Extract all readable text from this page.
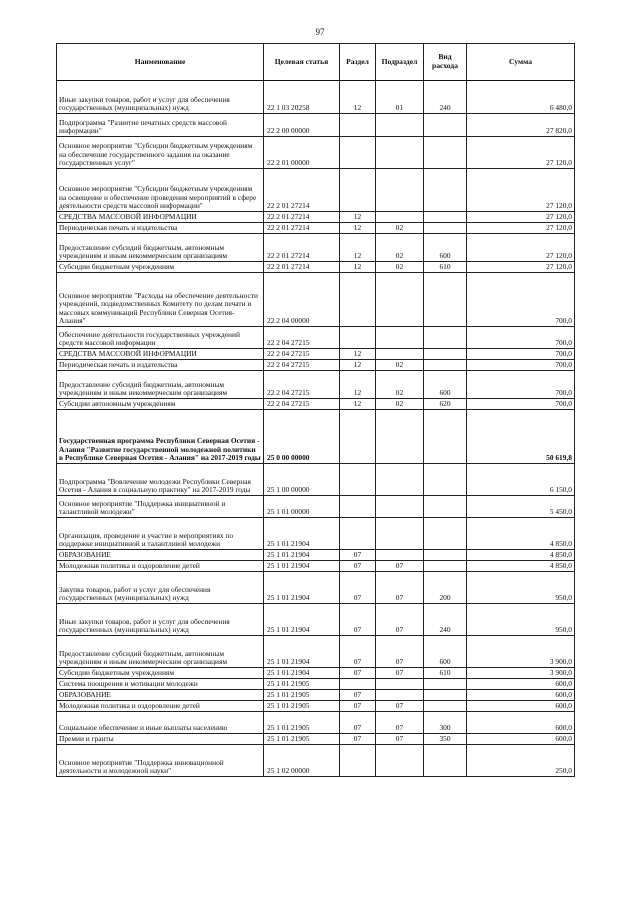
97
Наименование	Целевая статья	Раздел	Подраздел	Вид расхода	Сумма
Иные закупки товаров, работ и услуг для обеспечения государственных (муниципальных) нужд	22 1 03 20258	12	01	240	6 480,0
Подпрограмма "Развитие печатных средств массовой информации"	22 2 00 00000				27 820,0
Основное мероприятие "Субсидии бюджетным учреждениям на обеспечение государственного задания на оказание государственных услуг"	22 2 01 00000				27 120,0
Основное мероприятие "Субсидии бюджетным учреждениям на освещение и обеспечение проведения мероприятий в сфере деятельности средств массовой информации"	22 2 01 27214				27 120,0
СРЕДСТВА МАССОВОЙ ИНФОРМАЦИИ	22 2 01 27214	12			27 120,0
Периодическая печать и издательства	22 2 01 27214	12	02		27 120,0
Предоставление субсидий бюджетным, автономным учреждениям и иным некоммерческим организациям	22 2 01 27214	12	02	600	27 120,0
Субсидии бюджетным учреждениям	22 2 01 27214	12	02	610	27 120,0
Основное мероприятие "Расходы на обеспечение деятельности учреждений, подведомственных Комитету по делам печати и массовых коммуникаций Республики Северная Осетия-Алания"	22 2 04 00000				700,0
Обеспечение деятельности государственных учреждений средств массовой информации	22 2 04 27215				700,0
СРЕДСТВА МАССОВОЙ ИНФОРМАЦИИ	22 2 04 27215	12			700,0
Периодическая печать и издательства	22 2 04 27215	12	02		700,0
Предоставление субсидий бюджетным, автономным учреждениям и иным некоммерческим организациям	22 2 04 27215	12	02	600	700,0
Субсидии автономным учреждениям	22 2 04 27215	12	02	620	700,0
Государственная программа Республики Северная Осетия - Алания "Развитие государственной молодежной политики в Республике Северная Осетия - Алания" на 2017-2019 годы	25 0 00 00000				50 619,8
Подпрограмма "Вовлечение молодежи Республики Северная Осетия - Алания в социальную практику" на 2017-2019 годы	25 1 00 00000				6 150,0
Основное мероприятие "Поддержка инициативной и талантливой молодежи"	25 1 01 00000				5 450,0
Организация, проведение и участие в мероприятиях по поддержке инициативной и талантливой молодежи	25 1 01 21904				4 850,0
ОБРАЗОВАНИЕ	25 1 01 21904	07			4 850,0
Молодежная политика и оздоровление детей	25 1 01 21904	07	07		4 850,0
Закупка товаров, работ и услуг для обеспечения государственных (муниципальных) нужд	25 1 01 21904	07	07	200	950,0
Иные закупки товаров, работ и услуг для обеспечения государственных (муниципальных) нужд	25 1 01 21904	07	07	240	950,0
Предоставление субсидий бюджетным, автономным учреждениям и иным некоммерческим организациям	25 1 01 21904	07	07	600	3 900,0
Субсидии бюджетным учреждениям	25 1 01 21904	07	07	610	3 900,0
Система поощрения и мотивации молодежи	25 1 01 21905				600,0
ОБРАЗОВАНИЕ	25 1 01 21905	07			600,0
Молодежная политика и оздоровление детей	25 1 01 21905	07	07		600,0
Социальное обеспечение и иные выплаты населению	25 1 01 21905	07	07	300	600,0
Премии и гранты	25 1 01 21905	07	07	350	600,0
Основное мероприятие "Поддержка инновационной деятельности и молодежной науки"	25 1 02 00000				250,0
